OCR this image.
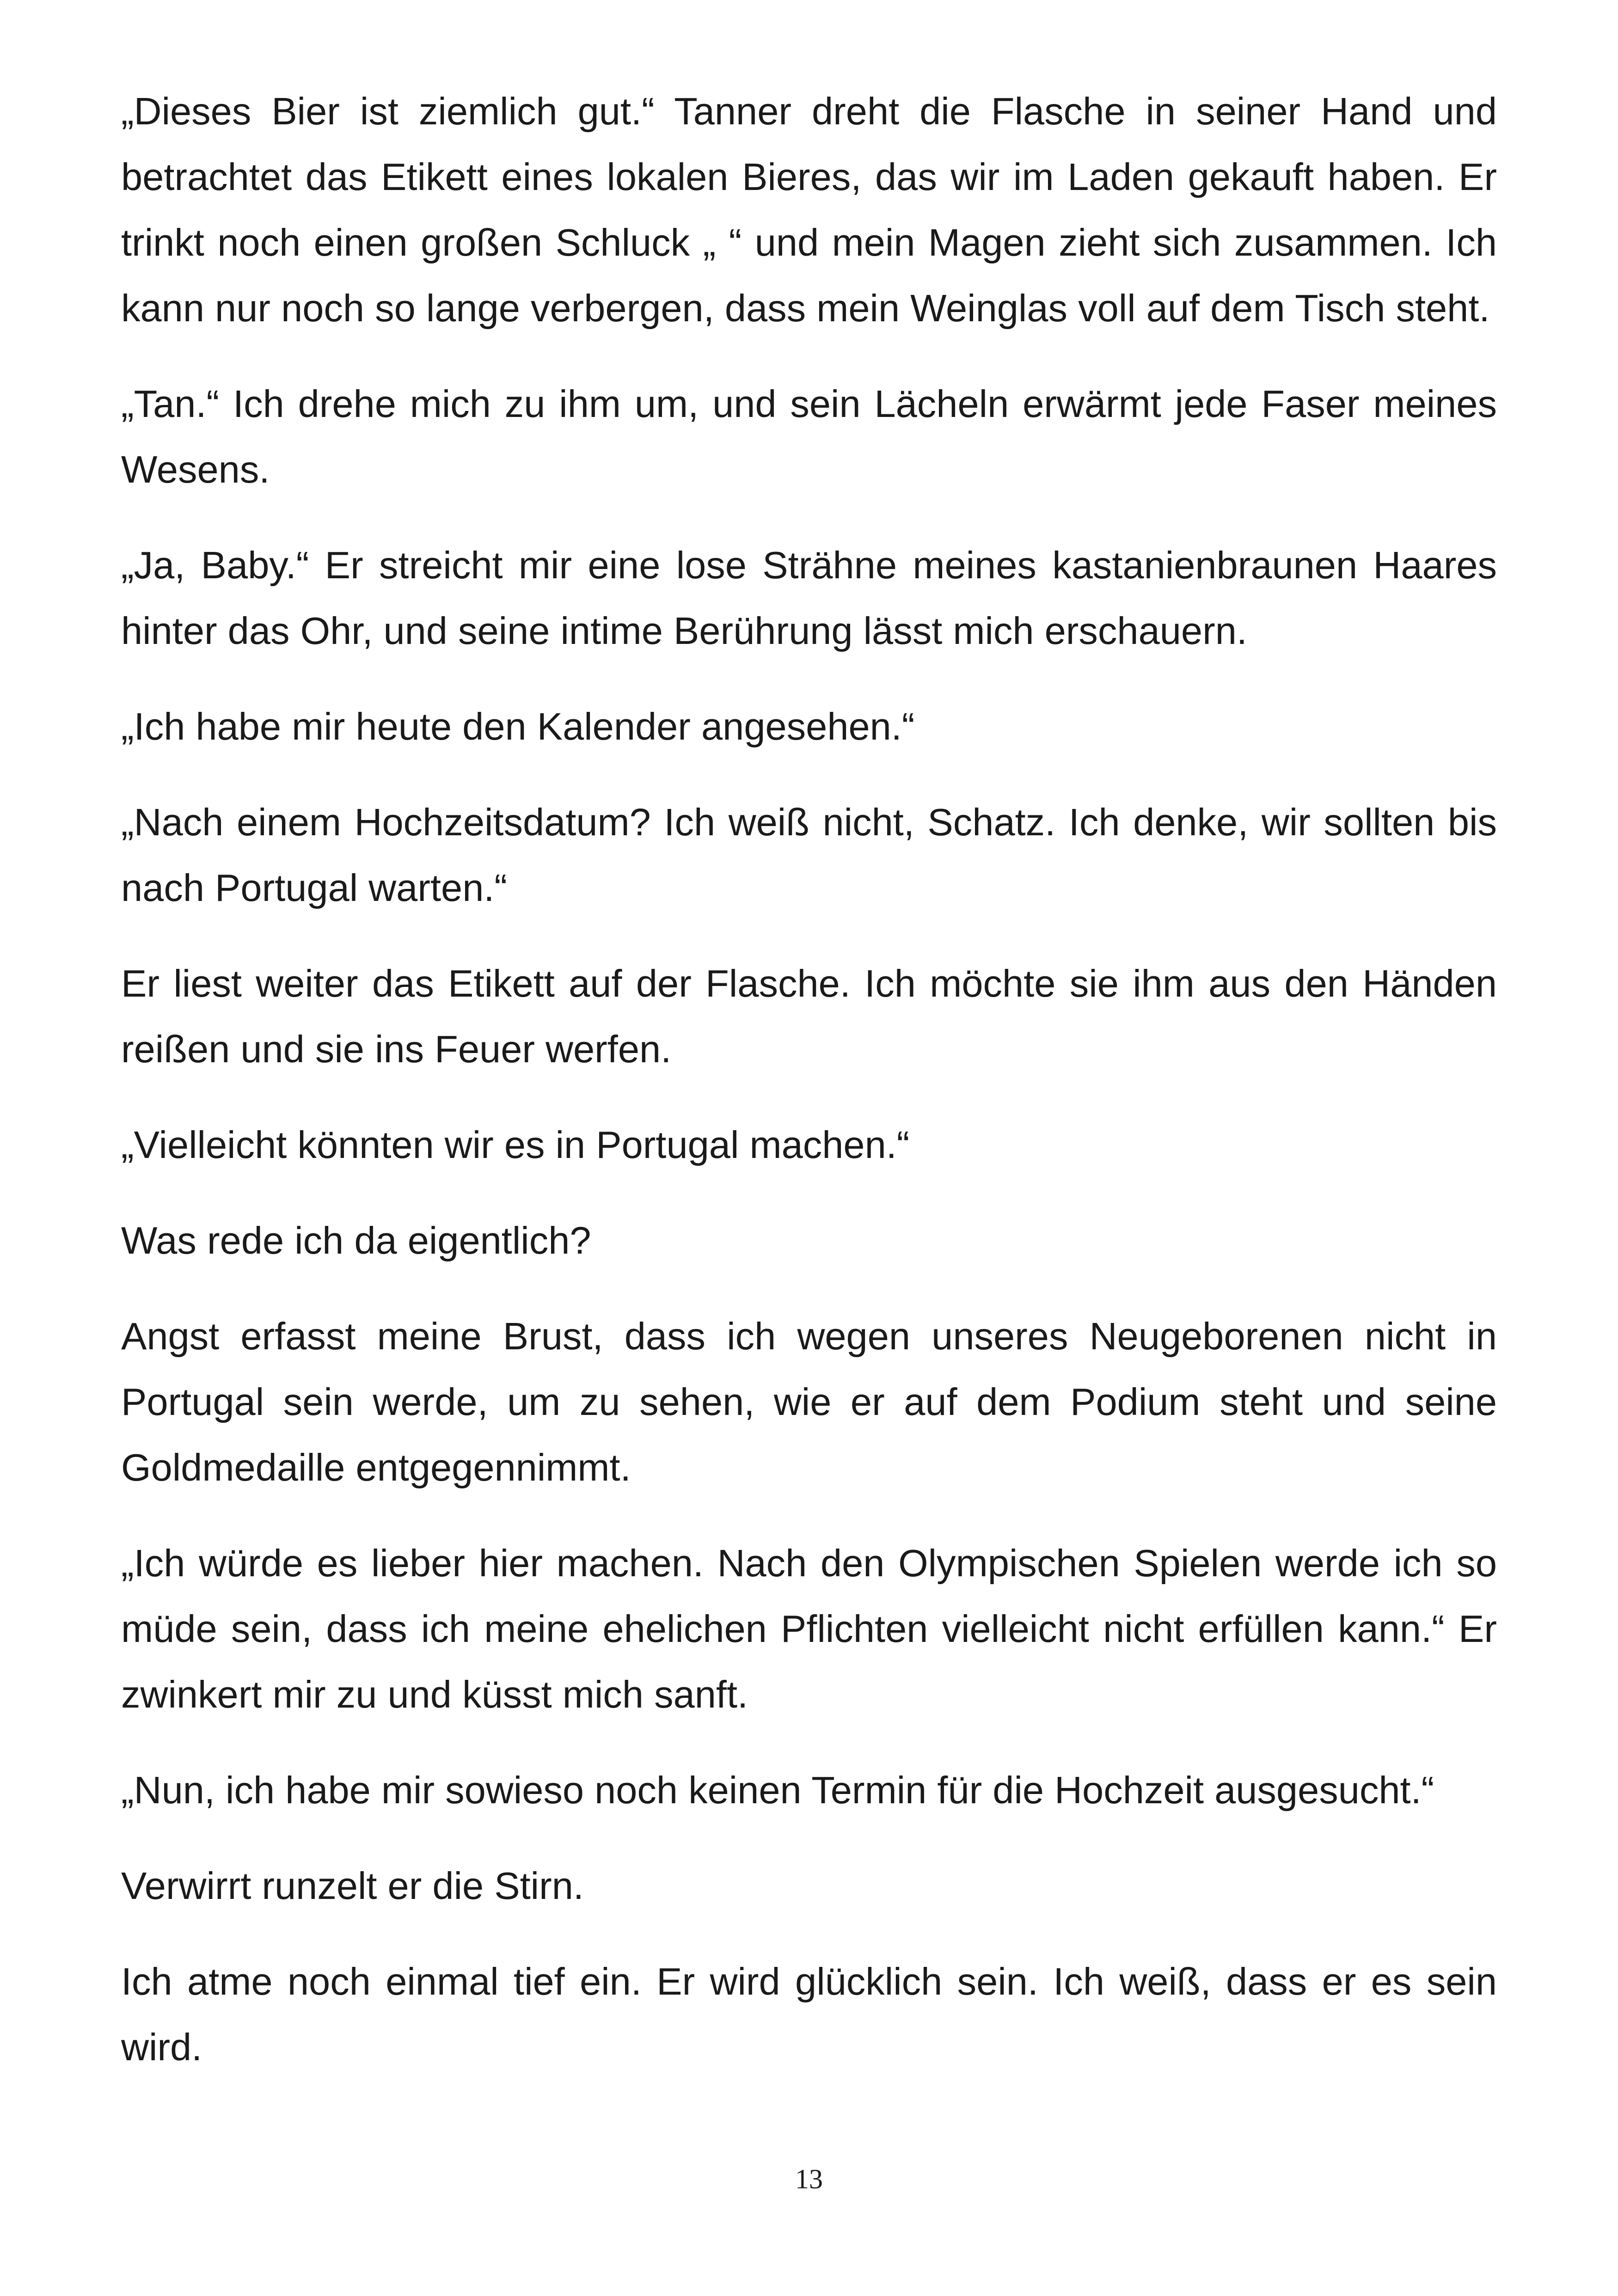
„Dieses Bier ist ziemlich gut.“ Tanner dreht die Flasche in seiner Hand und betrachtet das Etikett eines lokalen Bieres, das wir im Laden gekauft haben. Er trinkt noch einen großen Schluck „ “ und mein Magen zieht sich zusammen. Ich kann nur noch so lange verbergen, dass mein Weinglas voll auf dem Tisch steht.

„Tan.“ Ich drehe mich zu ihm um, und sein Lächeln erwärmt jede Faser meines Wesens.

„Ja, Baby.“ Er streicht mir eine lose Strähne meines kastanienbraunen Haares hinter das Ohr, und seine intime Berührung lässt mich erschauern.

„Ich habe mir heute den Kalender angesehen.“

„Nach einem Hochzeitsdatum? Ich weiß nicht, Schatz. Ich denke, wir sollten bis nach Portugal warten.“

Er liest weiter das Etikett auf der Flasche. Ich möchte sie ihm aus den Händen reißen und sie ins Feuer werfen.

„Vielleicht könnten wir es in Portugal machen.“

Was rede ich da eigentlich?

Angst erfasst meine Brust, dass ich wegen unseres Neugeborenen nicht in Portugal sein werde, um zu sehen, wie er auf dem Podium steht und seine Goldmedaille entgegennimmt.

„Ich würde es lieber hier machen. Nach den Olympischen Spielen werde ich so müde sein, dass ich meine ehelichen Pflichten vielleicht nicht erfüllen kann.“ Er zwinkert mir zu und küsst mich sanft.

„Nun, ich habe mir sowieso noch keinen Termin für die Hochzeit ausgesucht.“

Verwirrt runzelt er die Stirn.

Ich atme noch einmal tief ein. Er wird glücklich sein. Ich weiß, dass er es sein wird.

13
